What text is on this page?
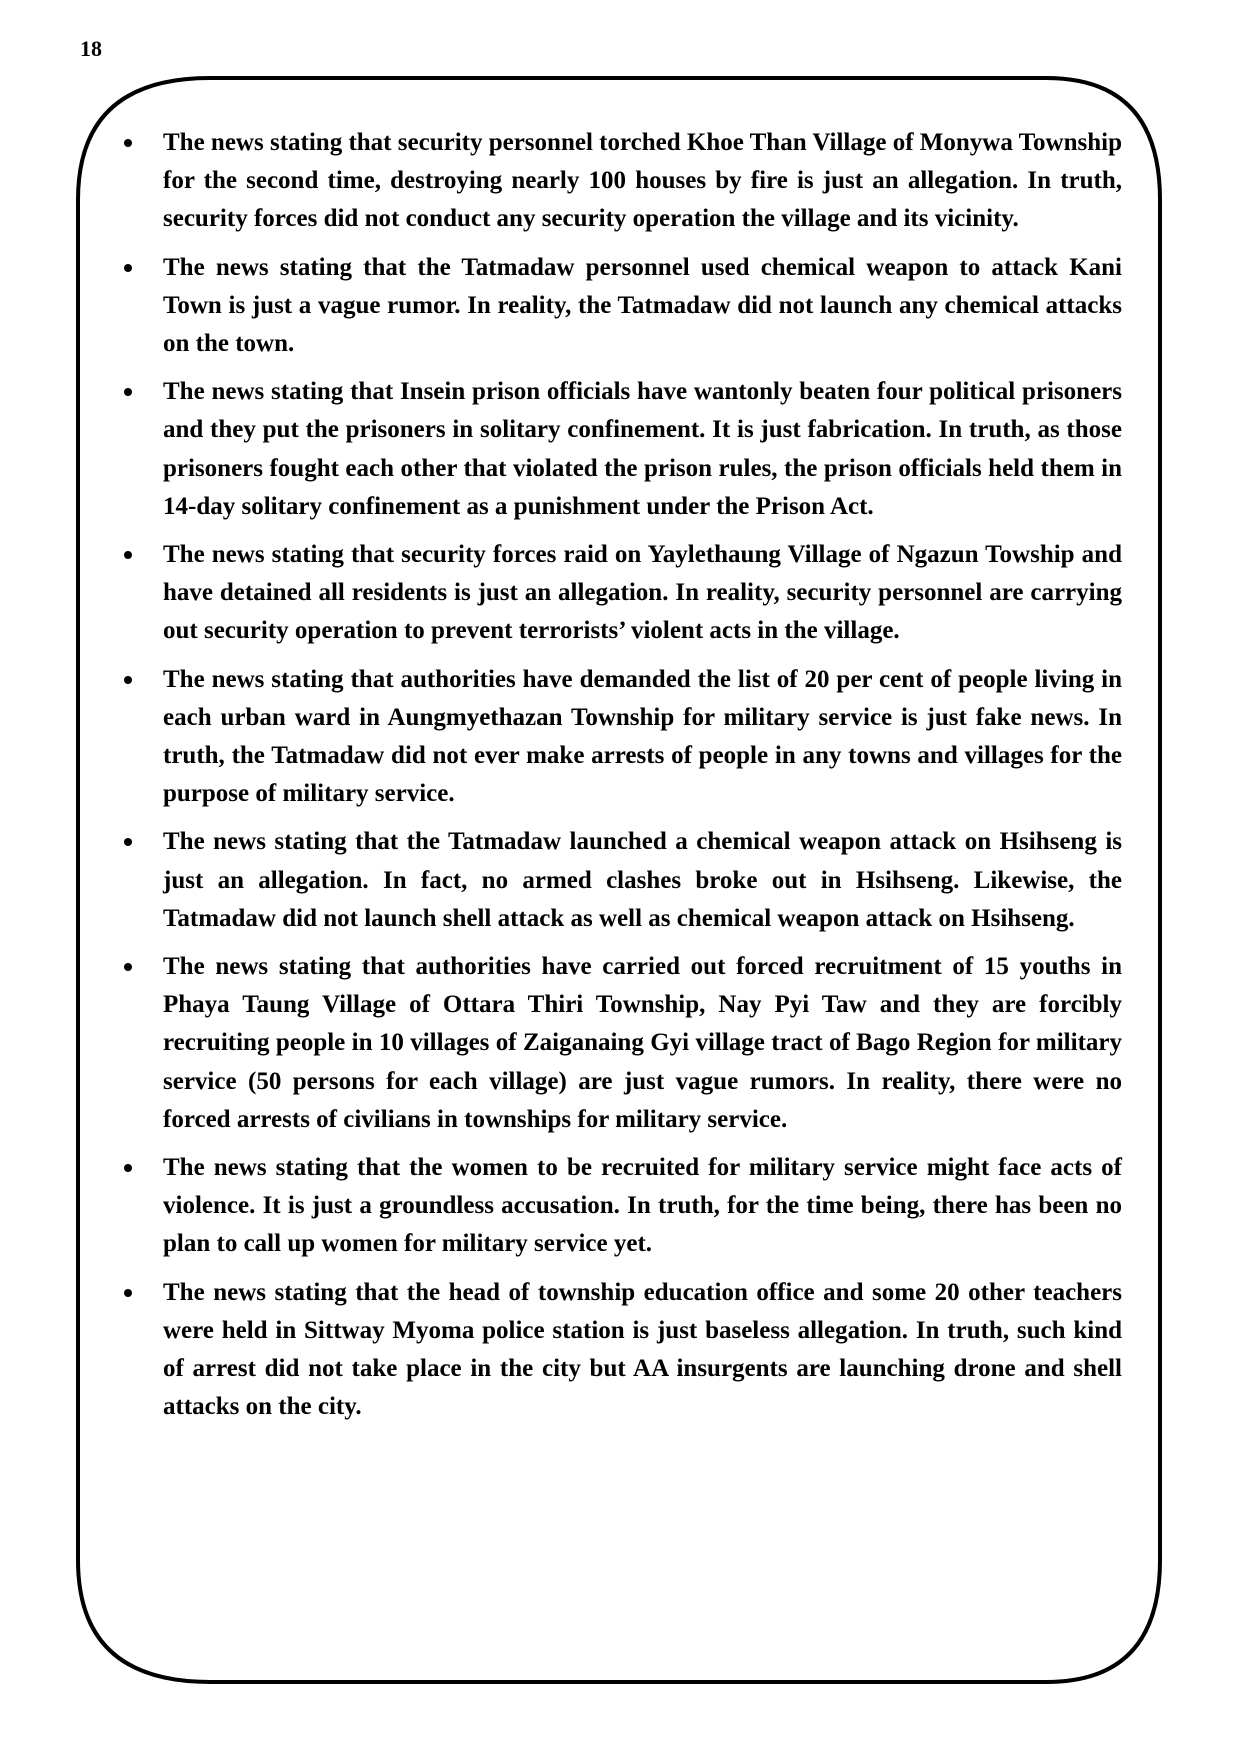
18
The news stating that security personnel torched Khoe Than Village of Monywa Township for the second time, destroying nearly 100 houses by fire is just an allegation. In truth, security forces did not conduct any security operation the village and its vicinity.
The news stating that the Tatmadaw personnel used chemical weapon to attack Kani Town is just a vague rumor. In reality, the Tatmadaw did not launch any chemical attacks on the town.
The news stating that Insein prison officials have wantonly beaten four political prisoners and they put the prisoners in solitary confinement. It is just fabrication. In truth, as those prisoners fought each other that violated the prison rules, the prison officials held them in 14-day solitary confinement as a punishment under the Prison Act.
The news stating that security forces raid on Yaylethaung Village of Ngazun Towship and have detained all residents is just an allegation. In reality, security personnel are carrying out security operation to prevent terrorists’ violent acts in the village.
The news stating that authorities have demanded the list of 20 per cent of people living in each urban ward in Aungmyethazan Township for military service is just fake news. In truth, the Tatmadaw did not ever make arrests of people in any towns and villages for the purpose of military service.
The news stating that the Tatmadaw launched a chemical weapon attack on Hsihseng is just an allegation. In fact, no armed clashes broke out in Hsihseng. Likewise, the Tatmadaw did not launch shell attack as well as chemical weapon attack on Hsihseng.
The news stating that authorities have carried out forced recruitment of 15 youths in Phaya Taung Village of Ottara Thiri Township, Nay Pyi Taw and they are forcibly recruiting people in 10 villages of Zaiganaing Gyi village tract of Bago Region for military service (50 persons for each village) are just vague rumors. In reality, there were no forced arrests of civilians in townships for military service.
The news stating that the women to be recruited for military service might face acts of violence. It is just a groundless accusation. In truth, for the time being, there has been no plan to call up women for military service yet.
The news stating that the head of township education office and some 20 other teachers were held in Sittway Myoma police station is just baseless allegation. In truth, such kind of arrest did not take place in the city but AA insurgents are launching drone and shell attacks on the city.
